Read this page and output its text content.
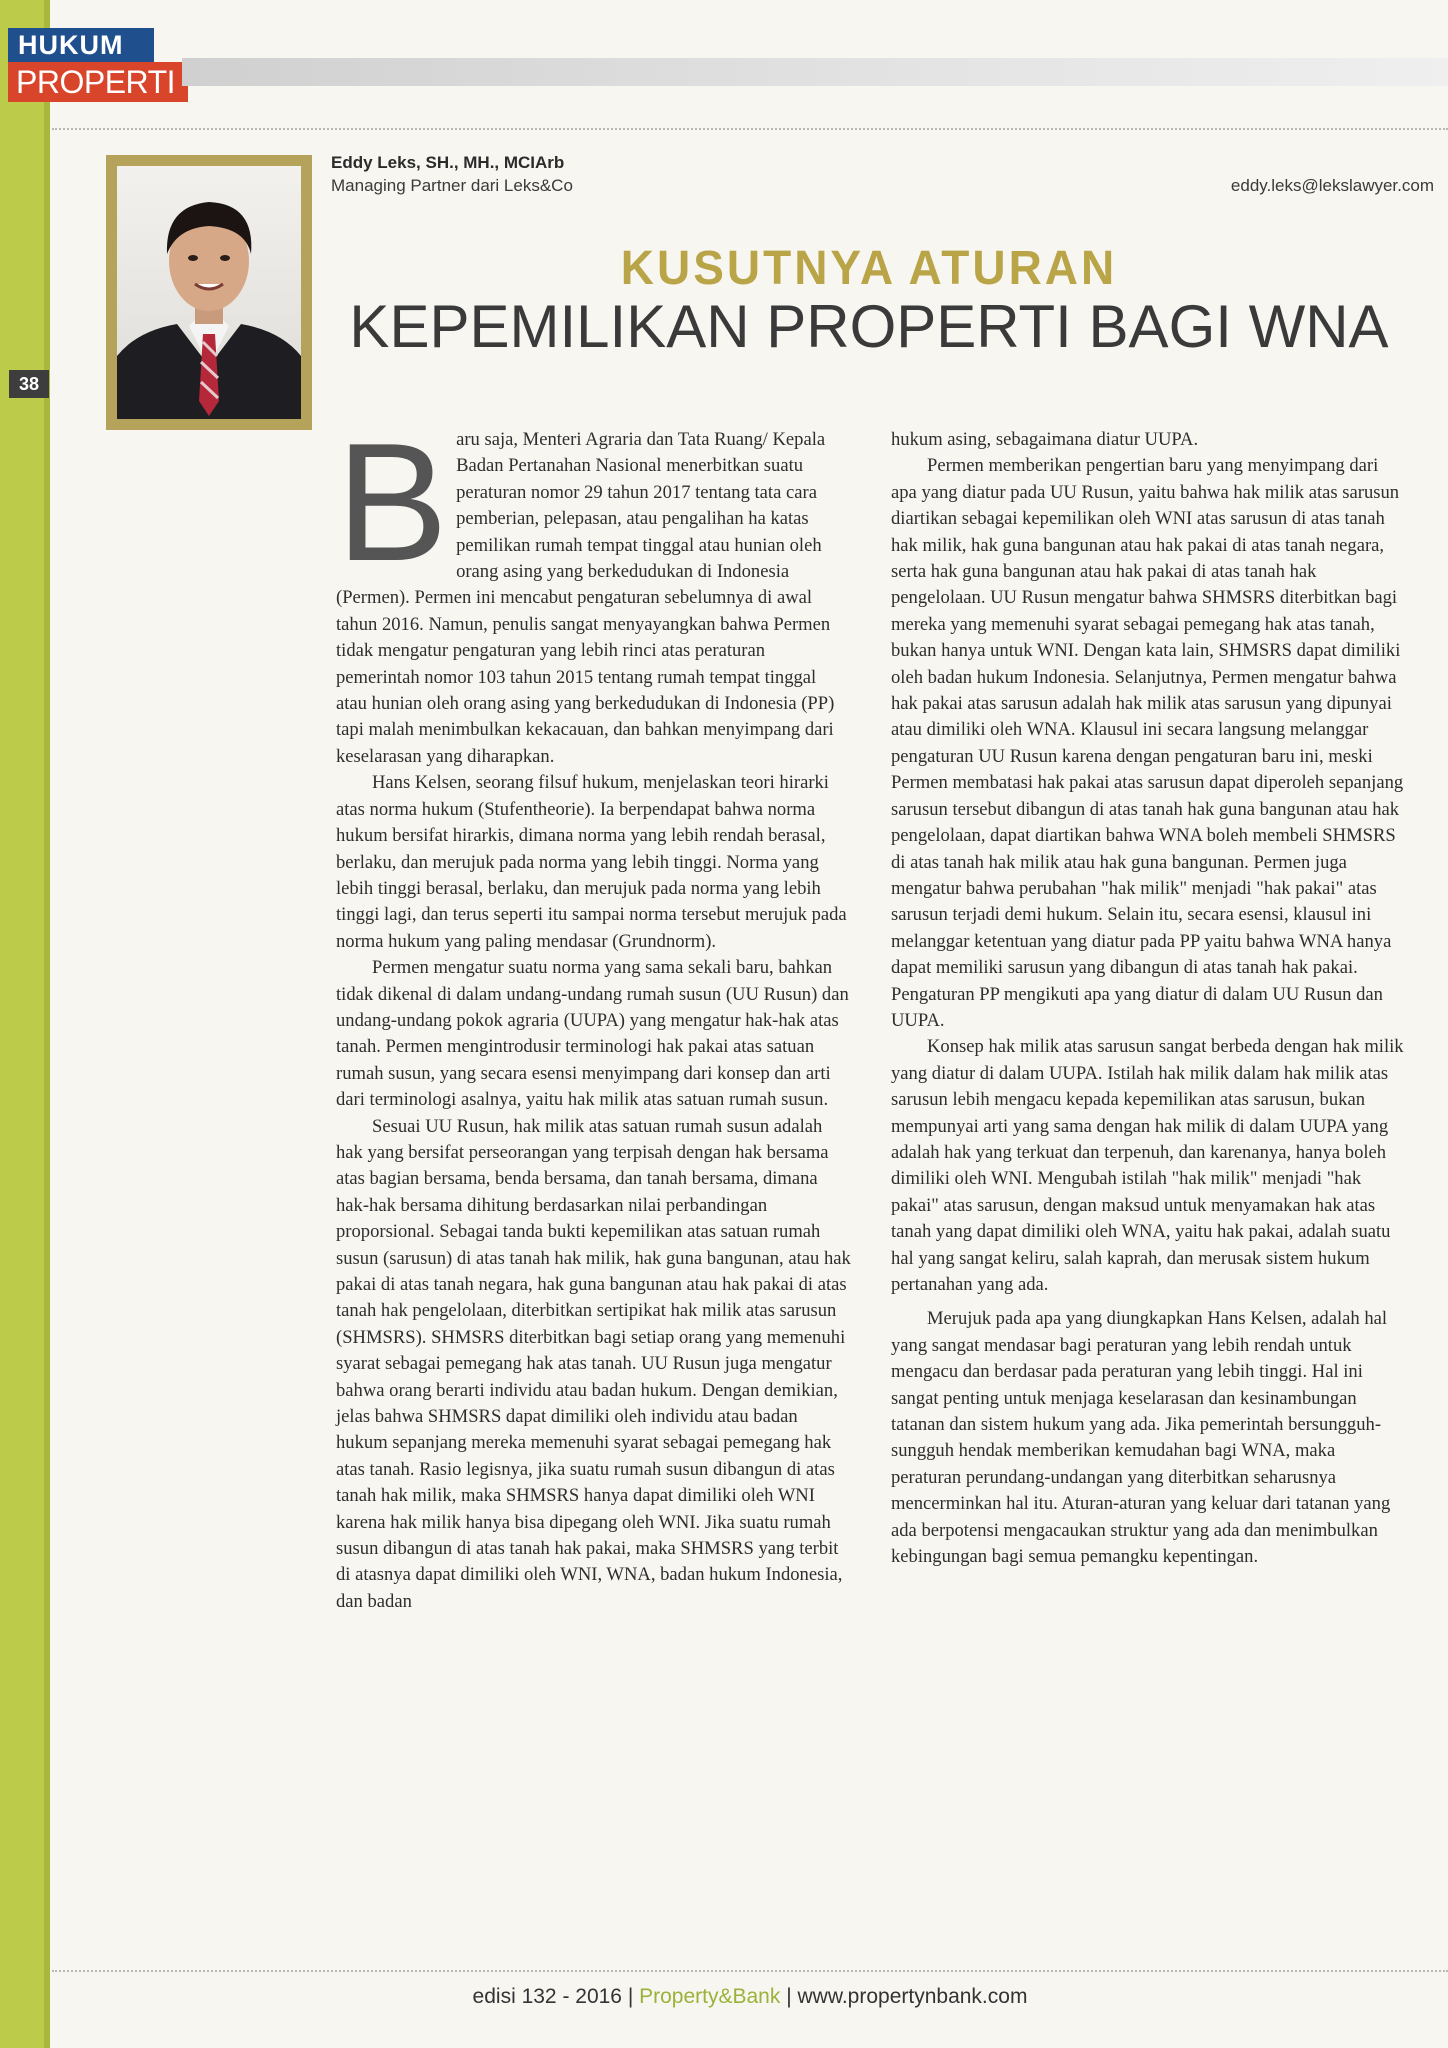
HUKUM
PROPERTI
38
Eddy Leks, SH., MH., MCIArb
Managing Partner dari Leks&Co	eddy.leks@lekslawyer.com
KUSUTNYA ATURAN
KEPEMILIKAN PROPERTI BAGI WNA
B aru saja, Menteri Agraria dan Tata Ruang/ Kepala Badan Pertanahan Nasional menerbitkan suatu peraturan nomor 29 tahun 2017 tentang tata cara pemberian, pelepasan, atau pengalihan ha katas pemilikan rumah tempat tinggal atau hunian oleh orang asing yang berkedudukan di Indonesia (Permen). Permen ini mencabut pengaturan sebelumnya di awal tahun 2016. Namun, penulis sangat menyayangkan bahwa Permen tidak mengatur pengaturan yang lebih rinci atas peraturan pemerintah nomor 103 tahun 2015 tentang rumah tempat tinggal atau hunian oleh orang asing yang berkedudukan di Indonesia (PP) tapi malah menimbulkan kekacauan, dan bahkan menyimpang dari keselarasan yang diharapkan.

Hans Kelsen, seorang filsuf hukum, menjelaskan teori hirarki atas norma hukum (Stufentheorie). Ia berpendapat bahwa norma hukum bersifat hirarkis, dimana norma yang lebih rendah berasal, berlaku, dan merujuk pada norma yang lebih tinggi. Norma yang lebih tinggi berasal, berlaku, dan merujuk pada norma yang lebih tinggi lagi, dan terus seperti itu sampai norma tersebut merujuk pada norma hukum yang paling mendasar (Grundnorm).

Permen mengatur suatu norma yang sama sekali baru, bahkan tidak dikenal di dalam undang-undang rumah susun (UU Rusun) dan undang-undang pokok agraria (UUPA) yang mengatur hak-hak atas tanah. Permen mengintrodusir terminologi hak pakai atas satuan rumah susun, yang secara esensi menyimpang dari konsep dan arti dari terminologi asalnya, yaitu hak milik atas satuan rumah susun.

Sesuai UU Rusun, hak milik atas satuan rumah susun adalah hak yang bersifat perseorangan yang terpisah dengan hak bersama atas bagian bersama, benda bersama, dan tanah bersama, dimana hak-hak bersama dihitung berdasarkan nilai perbandingan proporsional. Sebagai tanda bukti kepemilikan atas satuan rumah susun (sarusun) di atas tanah hak milik, hak guna bangunan, atau hak pakai di atas tanah negara, hak guna bangunan atau hak pakai di atas tanah hak pengelolaan, diterbitkan sertipikat hak milik atas sarusun (SHMSRS). SHMSRS diterbitkan bagi setiap orang yang memenuhi syarat sebagai pemegang hak atas tanah. UU Rusun juga mengatur bahwa orang berarti individu atau badan hukum. Dengan demikian, jelas bahwa SHMSRS dapat dimiliki oleh individu atau badan hukum sepanjang mereka memenuhi syarat sebagai pemegang hak atas tanah. Rasio legisnya, jika suatu rumah susun dibangun di atas tanah hak milik, maka SHMSRS hanya dapat dimiliki oleh WNI karena hak milik hanya bisa dipegang oleh WNI. Jika suatu rumah susun dibangun di atas tanah hak pakai, maka SHMSRS yang terbit di atasnya dapat dimiliki oleh WNI, WNA, badan hukum Indonesia, dan badan

hukum asing, sebagaimana diatur UUPA.

Permen memberikan pengertian baru yang menyimpang dari apa yang diatur pada UU Rusun, yaitu bahwa hak milik atas sarusun diartikan sebagai kepemilikan oleh WNI atas sarusun di atas tanah hak milik, hak guna bangunan atau hak pakai di atas tanah negara, serta hak guna bangunan atau hak pakai di atas tanah hak pengelolaan. UU Rusun mengatur bahwa SHMSRS diterbitkan bagi mereka yang memenuhi syarat sebagai pemegang hak atas tanah, bukan hanya untuk WNI. Dengan kata lain, SHMSRS dapat dimiliki oleh badan hukum Indonesia. Selanjutnya, Permen mengatur bahwa hak pakai atas sarusun adalah hak milik atas sarusun yang dipunyai atau dimiliki oleh WNA. Klausul ini secara langsung melanggar pengaturan UU Rusun karena dengan pengaturan baru ini, meski Permen membatasi hak pakai atas sarusun dapat diperoleh sepanjang sarusun tersebut dibangun di atas tanah hak guna bangunan atau hak pengelolaan, dapat diartikan bahwa WNA boleh membeli SHMSRS di atas tanah hak milik atau hak guna bangunan. Permen juga mengatur bahwa perubahan "hak milik" menjadi "hak pakai" atas sarusun terjadi demi hukum. Selain itu, secara esensi, klausul ini melanggar ketentuan yang diatur pada PP yaitu bahwa WNA hanya dapat memiliki sarusun yang dibangun di atas tanah hak pakai. Pengaturan PP mengikuti apa yang diatur di dalam UU Rusun dan UUPA.

Konsep hak milik atas sarusun sangat berbeda dengan hak milik yang diatur di dalam UUPA. Istilah hak milik dalam hak milik atas sarusun lebih mengacu kepada kepemilikan atas sarusun, bukan mempunyai arti yang sama dengan hak milik di dalam UUPA yang adalah hak yang terkuat dan terpenuh, dan karenanya, hanya boleh dimiliki oleh WNI. Mengubah istilah "hak milik" menjadi "hak pakai" atas sarusun, dengan maksud untuk menyamakan hak atas tanah yang dapat dimiliki oleh WNA, yaitu hak pakai, adalah suatu hal yang sangat keliru, salah kaprah, dan merusak sistem hukum pertanahan yang ada.

Merujuk pada apa yang diungkapkan Hans Kelsen, adalah hal yang sangat mendasar bagi peraturan yang lebih rendah untuk mengacu dan berdasar pada peraturan yang lebih tinggi. Hal ini sangat penting untuk menjaga keselarasan dan kesinambungan tatanan dan sistem hukum yang ada. Jika pemerintah bersungguh-sungguh hendak memberikan kemudahan bagi WNA, maka peraturan perundang-undangan yang diterbitkan seharusnya mencerminkan hal itu. Aturan-aturan yang keluar dari tatanan yang ada berpotensi mengacaukan struktur yang ada dan menimbulkan kebingungan bagi semua pemangku kepentingan.

edisi 132 - 2016 | Property&Bank | www.propertynbank.com
